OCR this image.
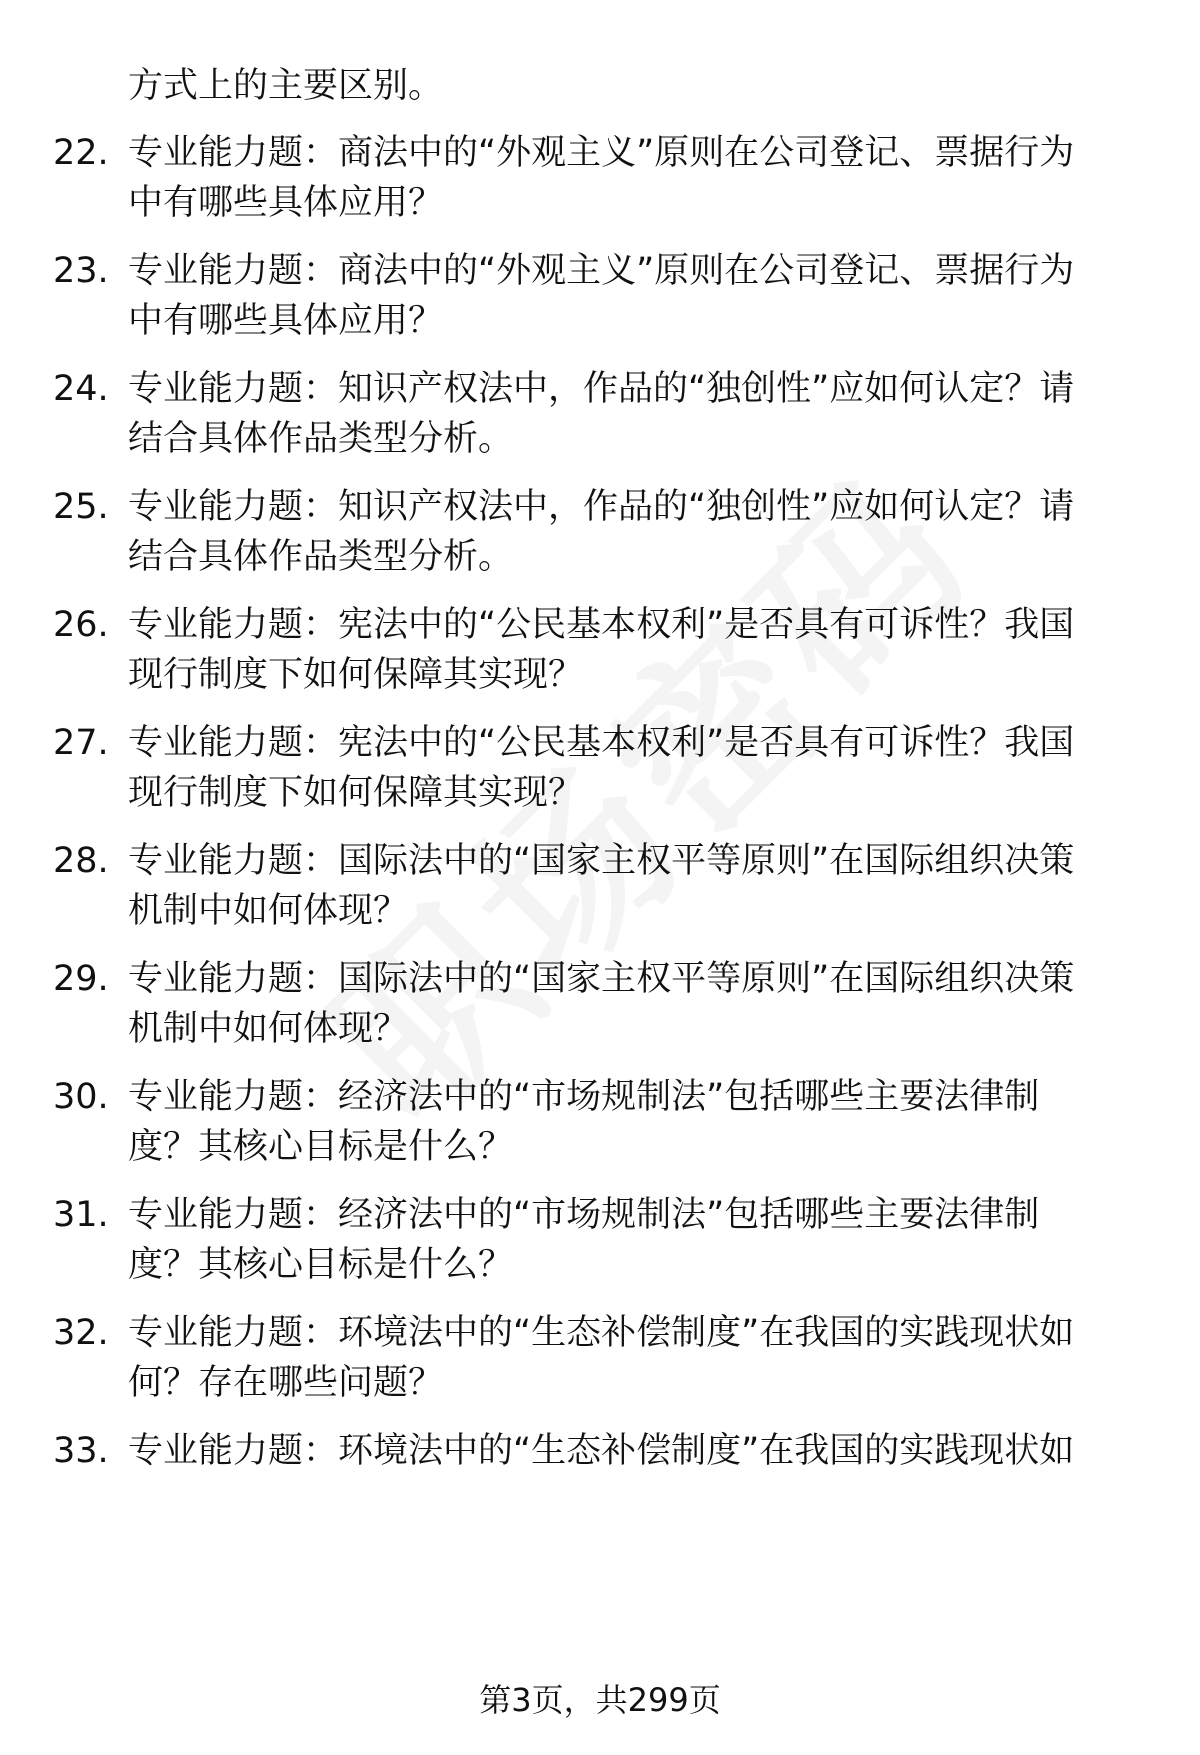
方式上的主要区别。
22. 专业能力题：商法中的“外观主义”原则在公司登记、票据行为
中有哪些具体应用？
23. 专业能力题：商法中的“外观主义”原则在公司登记、票据行为
中有哪些具体应用？
24. 专业能力题：知识产权法中，作品的“独创性”应如何认定？请
结合具体作品类型分析。
25. 专业能力题：知识产权法中，作品的“独创性”应如何认定？请
结合具体作品类型分析。
26. 专业能力题：宪法中的“公民基本权利”是否具有可诉性？我国
现行制度下如何保障其实现？
27. 专业能力题：宪法中的“公民基本权利”是否具有可诉性？我国
现行制度下如何保障其实现？
28. 专业能力题：国际法中的“国家主权平等原则”在国际组织决策
机制中如何体现？
29. 专业能力题：国际法中的“国家主权平等原则”在国际组织决策
机制中如何体现？
30. 专业能力题：经济法中的“市场规制法”包括哪些主要法律制
度？其核心目标是什么？
31. 专业能力题：经济法中的“市场规制法”包括哪些主要法律制
度？其核心目标是什么？
32. 专业能力题：环境法中的“生态补偿制度”在我国的实践现状如
何？存在哪些问题？
33. 专业能力题：环境法中的“生态补偿制度”在我国的实践现状如
第3页，共299页
